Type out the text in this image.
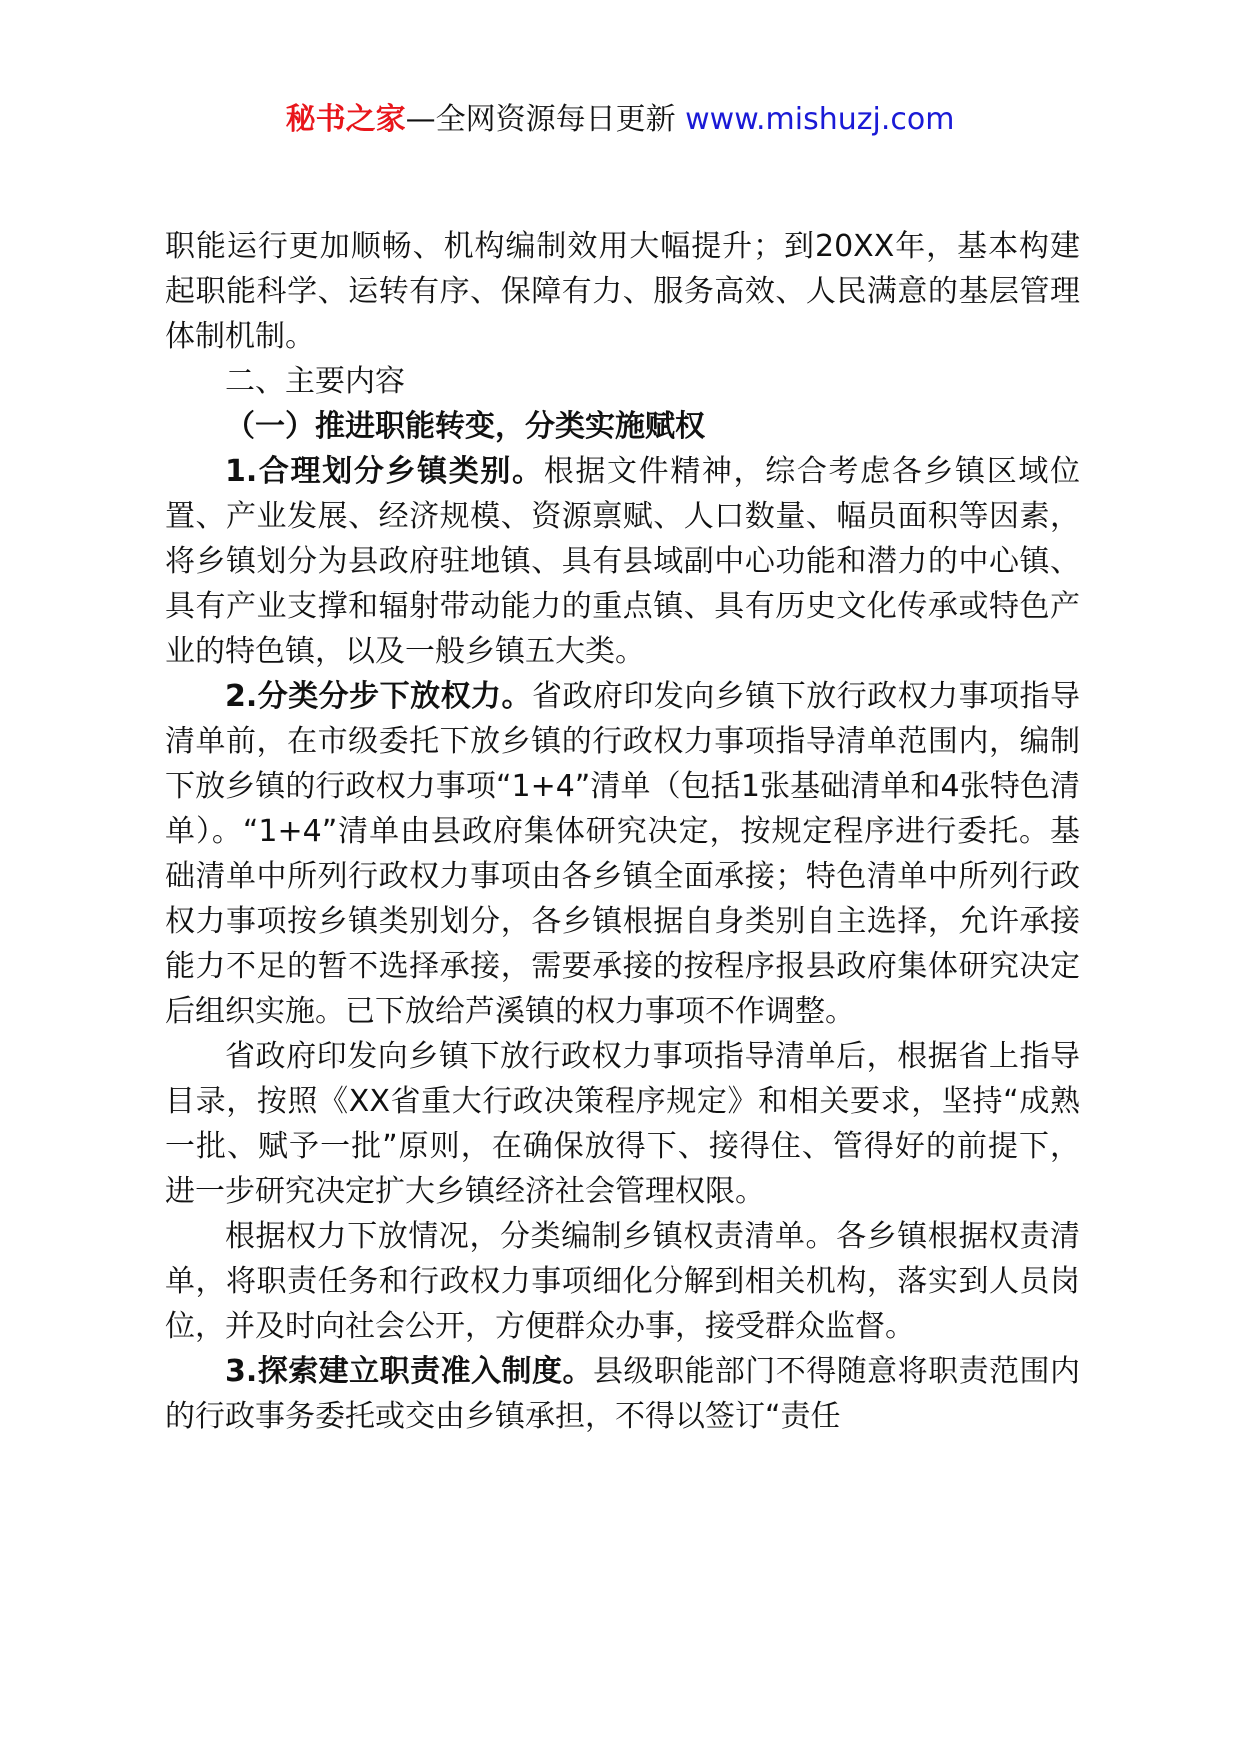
秘书之家—全网资源每日更新 www.mishuzj.com

职能运行更加顺畅、机构编制效用大幅提升；到20XX年，基本构建起职能科学、运转有序、保障有力、服务高效、人民满意的基层管理体制机制。

二、主要内容

（一）推进职能转变，分类实施赋权

1.合理划分乡镇类别。根据文件精神，综合考虑各乡镇区域位置、产业发展、经济规模、资源禀赋、人口数量、幅员面积等因素，将乡镇划分为县政府驻地镇、具有县域副中心功能和潜力的中心镇、具有产业支撑和辐射带动能力的重点镇、具有历史文化传承或特色产业的特色镇，以及一般乡镇五大类。

2.分类分步下放权力。省政府印发向乡镇下放行政权力事项指导清单前，在市级委托下放乡镇的行政权力事项指导清单范围内，编制下放乡镇的行政权力事项“1+4”清单（包括1张基础清单和4张特色清单）。“1+4”清单由县政府集体研究决定，按规定程序进行委托。基础清单中所列行政权力事项由各乡镇全面承接；特色清单中所列行政权力事项按乡镇类别划分，各乡镇根据自身类别自主选择，允许承接能力不足的暂不选择承接，需要承接的按程序报县政府集体研究决定后组织实施。已下放给芦溪镇的权力事项不作调整。

省政府印发向乡镇下放行政权力事项指导清单后，根据省上指导目录，按照《XX省重大行政决策程序规定》和相关要求，坚持“成熟一批、赋予一批”原则，在确保放得下、接得住、管得好的前提下，进一步研究决定扩大乡镇经济社会管理权限。

根据权力下放情况，分类编制乡镇权责清单。各乡镇根据权责清单，将职责任务和行政权力事项细化分解到相关机构，落实到人员岗位，并及时向社会公开，方便群众办事，接受群众监督。

3.探索建立职责准入制度。县级职能部门不得随意将职责范围内的行政事务委托或交由乡镇承担，不得以签订“责任
